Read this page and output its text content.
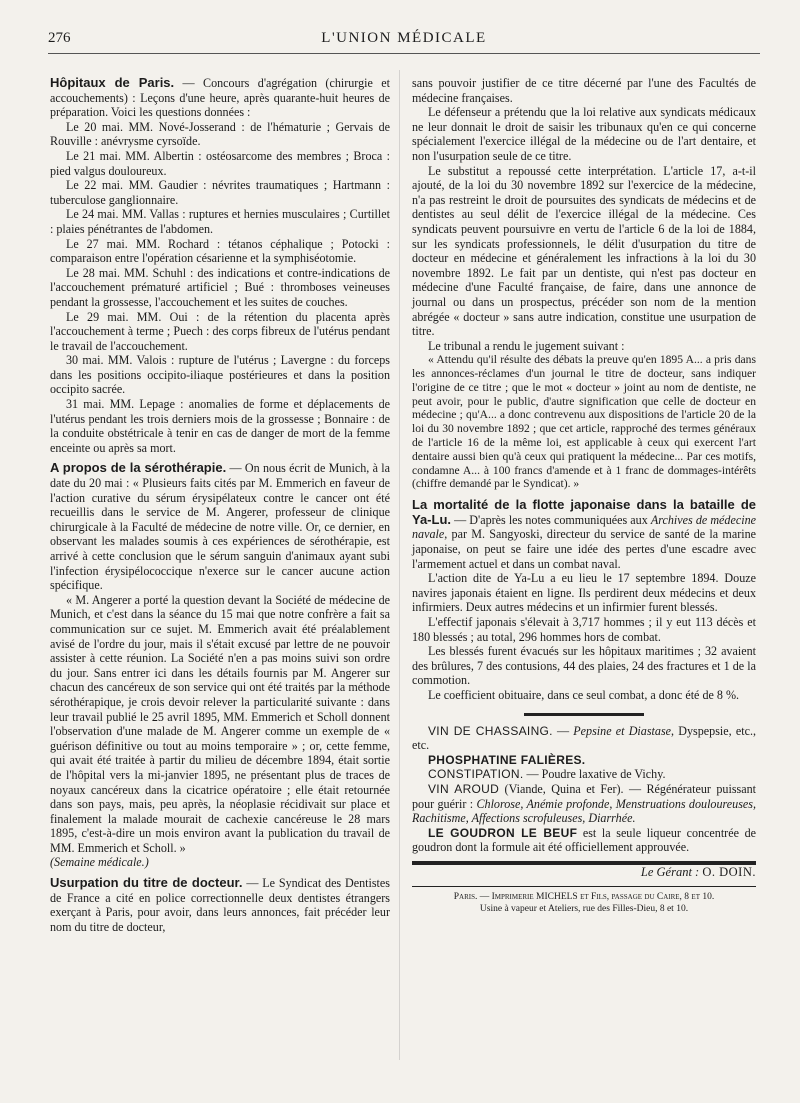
276	L'UNION MÉDICALE

Hôpitaux de Paris. — Concours d'agrégation (chirurgie et accouchements) : Leçons d'une heure, après quarante-huit heures de préparation. Voici les questions données :

Le 20 mai. MM. Nové-Josserand : de l'hématurie ; Gervais de Rouville : anévrysme cyrsoïde.

Le 21 mai. MM. Albertin : ostéosarcome des membres ; Broca : pied valgus douloureux.

Le 22 mai. MM. Gaudier : névrites traumatiques ; Hartmann : tuberculose ganglionnaire.

Le 24 mai. MM. Vallas : ruptures et hernies musculaires ; Curtillet : plaies pénétrantes de l'abdomen.

Le 27 mai. MM. Rochard : tétanos céphalique ; Potocki : comparaison entre l'opération césarienne et la symphiséotomie.

Le 28 mai. MM. Schuhl : des indications et contre-indications de l'accouchement prématuré artificiel ; Bué : thromboses veineuses pendant la grossesse, l'accouchement et les suites de couches.

Le 29 mai. MM. Oui : de la rétention du placenta après l'accouchement à terme ; Puech : des corps fibreux de l'utérus pendant le travail de l'accouchement.

30 mai. MM. Valois : rupture de l'utérus ; Lavergne : du forceps dans les positions occipito-iliaque postérieures et dans la position occipito sacrée.

31 mai. MM. Lepage : anomalies de forme et déplacements de l'utérus pendant les trois derniers mois de la grossesse ; Bonnaire : de la conduite obstétricale à tenir en cas de danger de mort de la femme enceinte ou après sa mort.

A propos de la sérothérapie. — On nous écrit de Munich, à la date du 20 mai : « Plusieurs faits cités par M. Emmerich en faveur de l'action curative du sérum érysipélateux contre le cancer ont été recueillis dans le service de M. Angerer, professeur de clinique chirurgicale à la Faculté de médecine de notre ville. Or, ce dernier, en observant les malades soumis à ces expériences de sérothérapie, est arrivé à cette conclusion que le sérum sanguin d'animaux ayant subi l'infection érysipélococcique n'exerce sur le cancer aucune action spécifique.

« M. Angerer a porté la question devant la Société de médecine de Munich, et c'est dans la séance du 15 mai que notre confrère a fait sa communication sur ce sujet. M. Emmerich avait été préalablement avisé de l'ordre du jour, mais il s'était excusé par lettre de ne pouvoir assister à cette réunion. La Société n'en a pas moins suivi son ordre du jour. Sans entrer ici dans les détails fournis par M. Angerer sur chacun des cancéreux de son service qui ont été traités par la méthode sérothérapique, je crois devoir relever la particularité suivante : dans leur travail publié le 25 avril 1895, MM. Emmerich et Scholl donnent l'observation d'une malade de M. Angerer comme un exemple de « guérison définitive ou tout au moins temporaire » ; or, cette femme, qui avait été traitée à partir du milieu de décembre 1894, était sortie de l'hôpital vers la mi-janvier 1895, ne présentant plus de traces de noyaux cancéreux dans la cicatrice opératoire ; elle était retournée dans son pays, mais, peu après, la néoplasie récidivait sur place et finalement la malade mourait de cachexie cancéreuse le 28 mars 1895, c'est-à-dire un mois environ avant la publication du travail de MM. Emmerich et Scholl. »

(Semaine médicale.)

Usurpation du titre de docteur. — Le Syndicat des Dentistes de France a cité en police correctionnelle deux dentistes étrangers exerçant à Paris, pour avoir, dans leurs annonces, fait précéder leur nom du titre de docteur,

sans pouvoir justifier de ce titre décerné par l'une des Facultés de médecine françaises.

Le défenseur a prétendu que la loi relative aux syndicats médicaux ne leur donnait le droit de saisir les tribunaux qu'en ce qui concerne spécialement l'exercice illégal de la médecine ou de l'art dentaire, et non l'usurpation seule de ce titre.

Le substitut a repoussé cette interprétation. L'article 17, a-t-il ajouté, de la loi du 30 novembre 1892 sur l'exercice de la médecine, n'a pas restreint le droit de poursuites des syndicats de médecins et de dentistes au seul délit de l'exercice illégal de la médecine. Ces syndicats peuvent poursuivre en vertu de l'article 6 de la loi de 1884, sur les syndicats professionnels, le délit d'usurpation du titre de docteur en médecine et généralement les infractions à la loi du 30 novembre 1892. Le fait par un dentiste, qui n'est pas docteur en médecine d'une Faculté française, de faire, dans une annonce de journal ou dans un prospectus, précéder son nom de la mention abrégée « docteur » sans autre indication, constitue une usurpation de titre.

Le tribunal a rendu le jugement suivant :

« Attendu qu'il résulte des débats la preuve qu'en 1895 A... a pris dans les annonces-réclames d'un journal le titre de docteur, sans indiquer l'origine de ce titre ; que le mot « docteur » joint au nom de dentiste, ne peut avoir, pour le public, d'autre signification que celle de docteur en médecine ; qu'A... a donc contrevenu aux dispositions de l'article 20 de la loi du 30 novembre 1892 ; que cet article, rapproché des termes généraux de l'article 16 de la même loi, est applicable à ceux qui exercent l'art dentaire aussi bien qu'à ceux qui pratiquent la médecine... Par ces motifs, condamne A... à 100 francs d'amende et à 1 franc de dommages-intérêts (chiffre demandé par le Syndicat). »

La mortalité de la flotte japonaise dans la bataille de Ya-Lu. — D'après les notes communiquées aux Archives de médecine navale, par M. Sangyoski, directeur du service de santé de la marine japonaise, on peut se faire une idée des pertes d'une escadre avec l'armement actuel et dans un combat naval.

L'action dite de Ya-Lu a eu lieu le 17 septembre 1894. Douze navires japonais étaient en ligne. Ils perdirent deux médecins et deux infirmiers. Deux autres médecins et un infirmier furent blessés.

L'effectif japonais s'élevait à 3,717 hommes ; il y eut 113 décès et 180 blessés ; au total, 296 hommes hors de combat.

Les blessés furent évacués sur les hôpitaux maritimes ; 32 avaient des brûlures, 7 des contusions, 44 des plaies, 24 des fractures et 1 de la commotion.

Le coefficient obituaire, dans ce seul combat, a donc été de 8 %.

VIN DE CHASSAING. — Pepsine et Diastase, Dyspepsie, etc., etc.

PHOSPHATINE FALIÈRES.

CONSTIPATION. — Poudre laxative de Vichy.

VIN AROUD (Viande, Quina et Fer). — Régénérateur puissant pour guérir : Chlorose, Anémie profonde, Menstruations douloureuses, Rachitisme, Affections scrofuleuses, Diarrhée.

LE GOUDRON LE BEUF est la seule liqueur concentrée de goudron dont la formule ait été officiellement approuvée.

Le Gérant : O. DOIN.

Paris. — Imprimerie MICHELS et Fils, passage du Caire, 8 et 10.
Usine à vapeur et Ateliers, rue des Filles-Dieu, 8 et 10.
